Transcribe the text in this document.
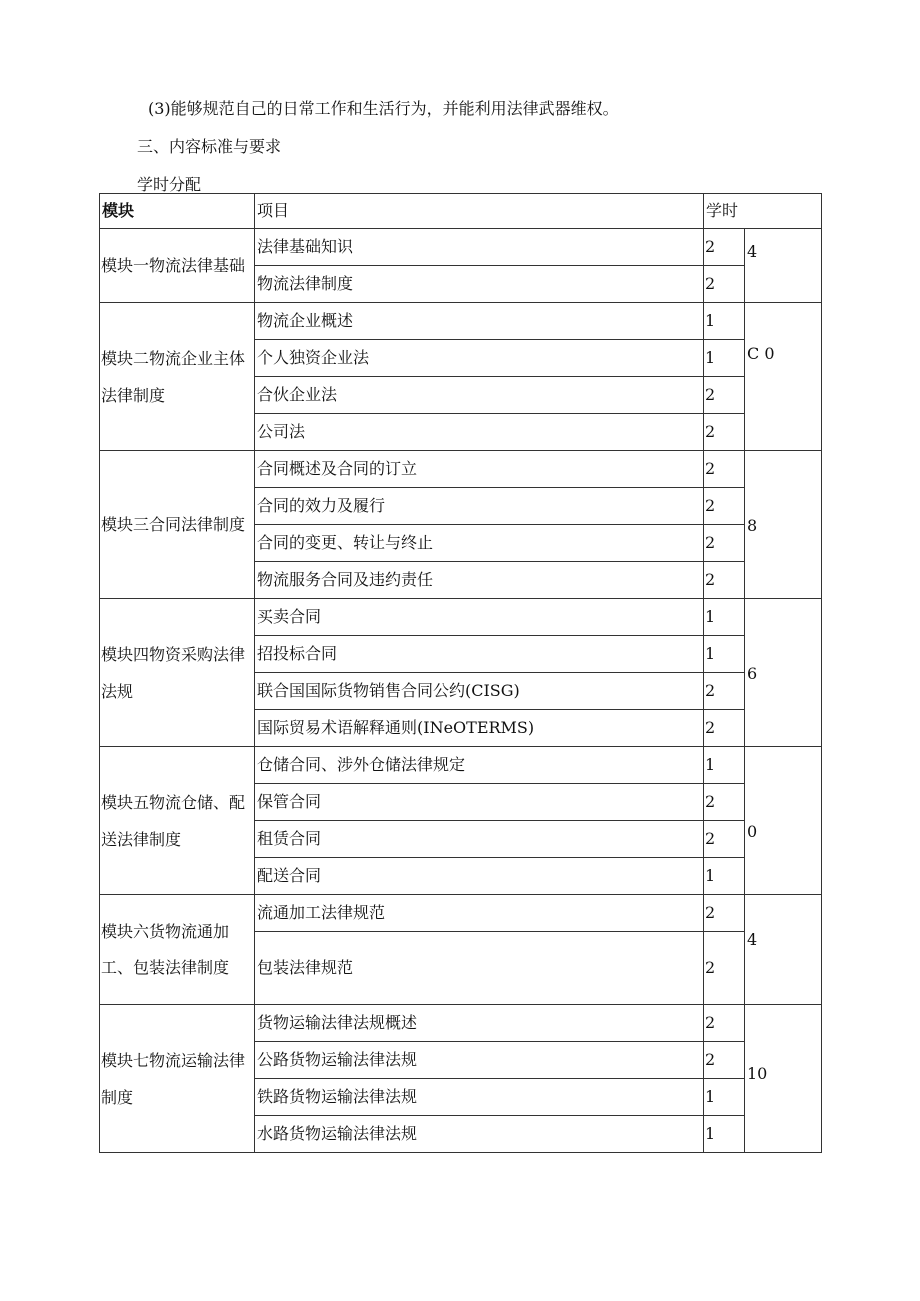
(3)能够规范自己的日常工作和生活行为，并能利用法律武器维权。
三、内容标准与要求
学时分配
模块	项目	学时	
模块一物流法律基础	法律基础知识	2	4
	物流法律制度	2	
模块二物流企业主体法律制度	物流企业概述	1	C 0
	个人独资企业法	1	
	合伙企业法	2	
	公司法	2	
模块三合同法律制度	合同概述及合同的订立	2	8
	合同的效力及履行	2	
	合同的变更、转让与终止	2	
	物流服务合同及违约责任	2	
模块四物资采购法律法规	买卖合同	1	6
	招投标合同	1	
	联合国国际货物销售合同公约(CISG)	2	
	国际贸易术语解释通则(INeOTERMS)	2	
模块五物流仓储、配送法律制度	仓储合同、涉外仓储法律规定	1	0
	保管合同	2	
	租赁合同	2	
	配送合同	1	
模块六货物流通加工、包装法律制度	流通加工法律规范	2	4
	包装法律规范	2	
模块七物流运输法律制度	货物运输法律法规概述	2	10
	公路货物运输法律法规	2	
	铁路货物运输法律法规	1	
	水路货物运输法律法规	1	
